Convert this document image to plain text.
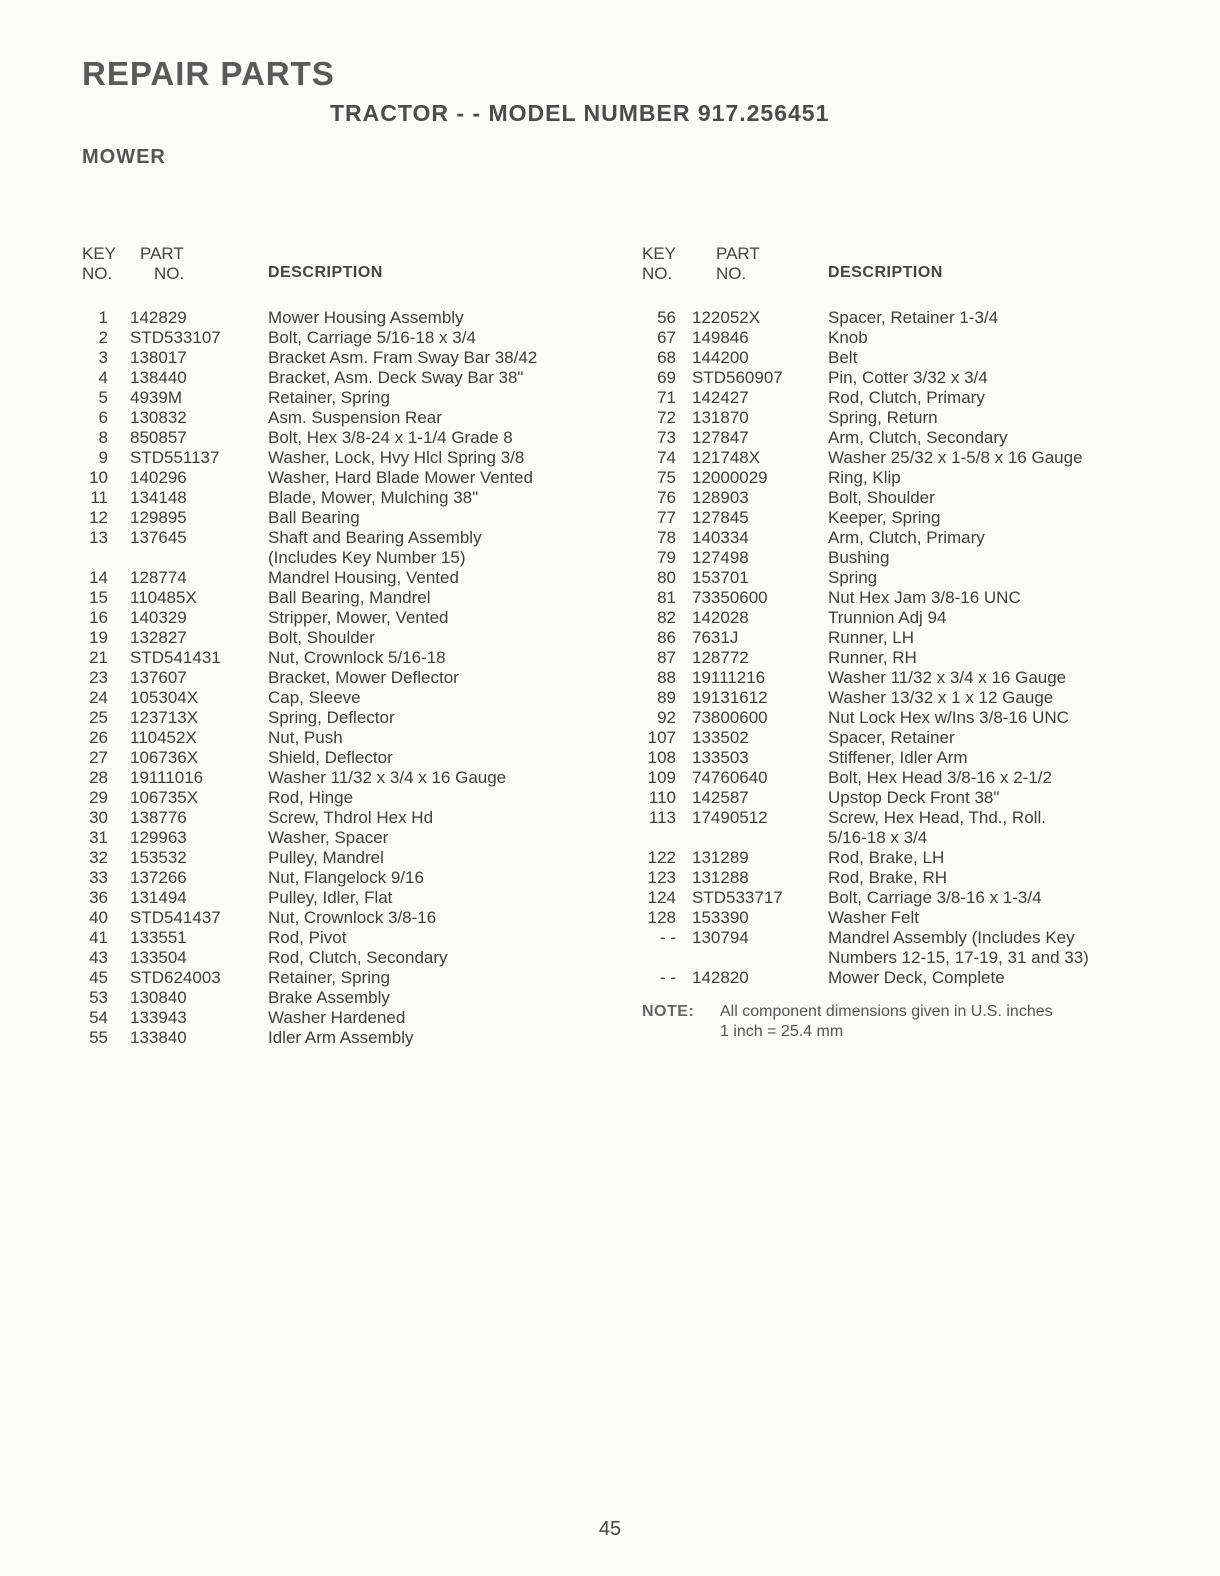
REPAIR PARTS
TRACTOR - - MODEL NUMBER 917.256451
MOWER
KEY
NO.
PART
NO.	DESCRIPTION
1 142829	Mower Housing Assembly
2 STD533107	Bolt, Carriage 5/16-18 x 3/4
3 138017	Bracket Asm. Fram Sway Bar 38/42
4 138440	Bracket, Asm. Deck Sway Bar 38"
5 4939M	Retainer, Spring
6 130832	Asm. Suspension Rear
8 850857	Bolt, Hex 3/8-24 x 1-1/4 Grade 8
9 STD551137	Washer, Lock, Hvy Hlcl Spring 3/8
10 140296	Washer, Hard Blade Mower Vented
11 134148	Blade, Mower, Mulching 38"
12 129895	Ball Bearing
13 137645	Shaft and Bearing Assembly
(Includes Key Number 15)
14 128774	Mandrel Housing, Vented
15 110485X	Ball Bearing, Mandrel
16 140329	Stripper, Mower, Vented
19 132827	Bolt, Shoulder
21 STD541431	Nut, Crownlock 5/16-18
23 137607	Bracket, Mower Deflector
24 105304X	Cap, Sleeve
25 123713X	Spring, Deflector
26 110452X	Nut, Push
27 106736X	Shield, Deflector
28 19111016	Washer 11/32 x 3/4 x 16 Gauge
29 106735X	Rod, Hinge
30 138776	Screw, Thdrol Hex Hd
31 129963	Washer, Spacer
32 153532	Pulley, Mandrel
33 137266	Nut, Flangelock 9/16
36 131494	Pulley, Idler, Flat
40 STD541437	Nut, Crownlock 3/8-16
41 133551	Rod, Pivot
43 133504	Rod, Clutch, Secondary
45 STD624003	Retainer, Spring
53 130840	Brake Assembly
54 133943	Washer Hardened
55 133840	Idler Arm Assembly
KEY
NO.
PART
NO.	DESCRIPTION
56 122052X	Spacer, Retainer 1-3/4
67 149846	Knob
68 144200	Belt
69 STD560907	Pin, Cotter 3/32 x 3/4
71 142427	Rod, Clutch, Primary
72 131870	Spring, Return
73 127847	Arm, Clutch, Secondary
74 121748X	Washer 25/32 x 1-5/8 x 16 Gauge
75 12000029	Ring, Klip
76 128903	Bolt, Shoulder
77 127845	Keeper, Spring
78 140334	Arm, Clutch, Primary
79 127498	Bushing
80 153701	Spring
81 73350600	Nut Hex Jam 3/8-16 UNC
82 142028	Trunnion Adj 94
86 7631J	Runner, LH
87 128772	Runner, RH
88 19111216	Washer 11/32 x 3/4 x 16 Gauge
89 19131612	Washer 13/32 x 1 x 12 Gauge
92 73800600	Nut Lock Hex w/Ins 3/8-16 UNC
107 133502	Spacer, Retainer
108 133503	Stiffener, Idler Arm
109 74760640	Bolt, Hex Head 3/8-16 x 2-1/2
110 142587	Upstop Deck Front 38"
113 17490512	Screw, Hex Head, Thd., Roll.
5/16-18 x 3/4
122 131289	Rod, Brake, LH
123 131288	Rod, Brake, RH
124 STD533717	Bolt, Carriage 3/8-16 x 1-3/4
128 153390	Washer Felt
- - 130794	Mandrel Assembly (Includes Key
Numbers 12-15, 17-19, 31 and 33)
- - 142820	Mower Deck, Complete
NOTE: All component dimensions given in U.S. inches
1 inch = 25.4 mm

45
